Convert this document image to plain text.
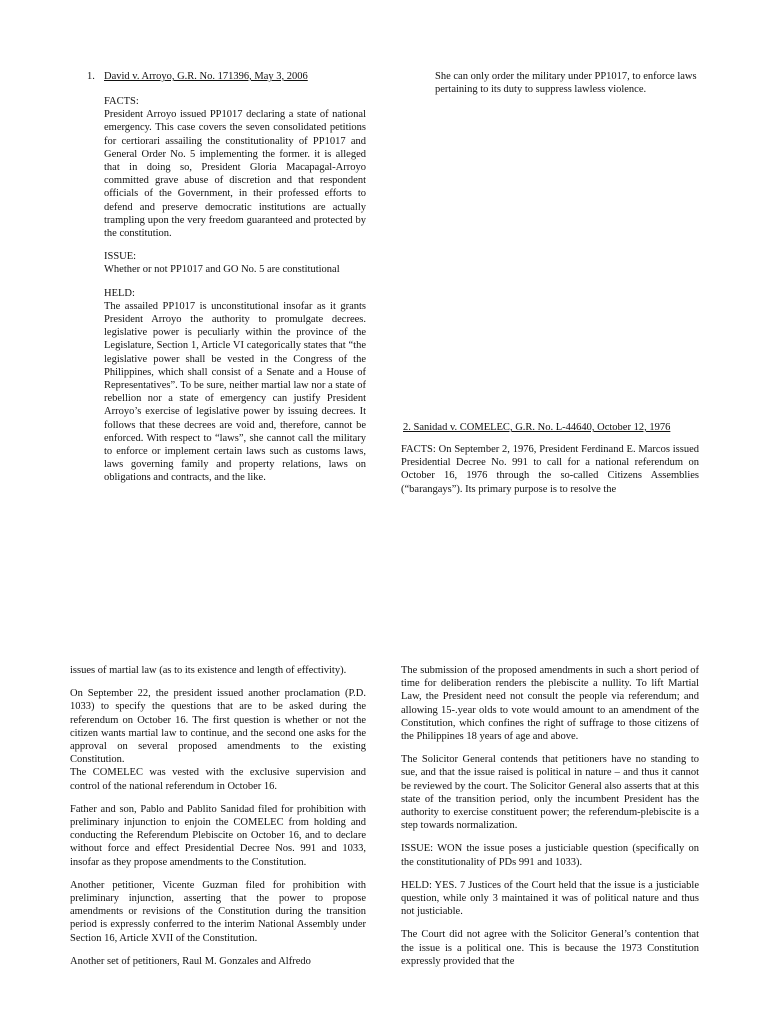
1. David v. Arroyo, G.R. No. 171396, May 3, 2006
FACTS:
President Arroyo issued PP1017 declaring a state of national emergency. This case covers the seven consolidated petitions for certiorari assailing the constitutionality of PP1017 and General Order No. 5 implementing the former. it is alleged that in doing so, President Gloria Macapagal-Arroyo committed grave abuse of discretion and that respondent officials of the Government, in their professed efforts to defend and preserve democratic institutions are actually trampling upon the very freedom guaranteed and protected by the constitution.
ISSUE:
Whether or not PP1017 and GO No. 5 are constitutional
HELD:
The assailed PP1017 is unconstitutional insofar as it grants President Arroyo the authority to promulgate decrees. legislative power is peculiarly within the province of the Legislature, Section 1, Article VI categorically states that “the legislative power shall be vested in the Congress of the Philippines, which shall consist of a Senate and a House of Representatives”. To be sure, neither martial law nor a state of rebellion nor a state of emergency can justify President Arroyo’s exercise of legislative power by issuing decrees. It follows that these decrees are void and, therefore, cannot be enforced. With respect to “laws”, she cannot call the military to enforce or implement certain laws such as customs laws, laws governing family and property relations, laws on obligations and contracts, and the like.
She can only order the military under PP1017, to enforce laws pertaining to its duty to suppress lawless violence.
2. Sanidad v. COMELEC, G.R. No. L-44640, October 12, 1976
FACTS: On September 2, 1976, President Ferdinand E. Marcos issued Presidential Decree No. 991 to call for a national referendum on October 16, 1976 through the so-called Citizens Assemblies (“barangays”). Its primary purpose is to resolve the
issues of martial law (as to its existence and length of effectivity).
On September 22, the president issued another proclamation (P.D. 1033) to specify the questions that are to be asked during the referendum on October 16. The first question is whether or not the citizen wants martial law to continue, and the second one asks for the approval on several proposed amendments to the existing Constitution.
The COMELEC was vested with the exclusive supervision and control of the national referendum in October 16.
Father and son, Pablo and Pablito Sanidad filed for prohibition with preliminary injunction to enjoin the COMELEC from holding and conducting the Referendum Plebiscite on October 16, and to declare without force and effect Presidential Decree Nos. 991 and 1033, insofar as they propose amendments to the Constitution.
Another petitioner, Vicente Guzman filed for prohibition with preliminary injunction, asserting that the power to propose amendments or revisions of the Constitution during the transition period is expressly conferred to the interim National Assembly under Section 16, Article XVII of the Constitution.
Another set of petitioners, Raul M. Gonzales and Alfredo
The submission of the proposed amendments in such a short period of time for deliberation renders the plebiscite a nullity. To lift Martial Law, the President need not consult the people via referendum; and allowing 15-.year olds to vote would amount to an amendment of the Constitution, which confines the right of suffrage to those citizens of the Philippines 18 years of age and above.
The Solicitor General contends that petitioners have no standing to sue, and that the issue raised is political in nature – and thus it cannot be reviewed by the court. The Solicitor General also asserts that at this state of the transition period, only the incumbent President has the authority to exercise constituent power; the referendum-plebiscite is a step towards normalization.
ISSUE: WON the issue poses a justiciable question (specifically on the constitutionality of PDs 991 and 1033).
HELD: YES. 7 Justices of the Court held that the issue is a justiciable question, while only 3 maintained it was of political nature and thus not justiciable.
The Court did not agree with the Solicitor General’s contention that the issue is a political one. This is because the 1973 Constitution expressly provided that the
